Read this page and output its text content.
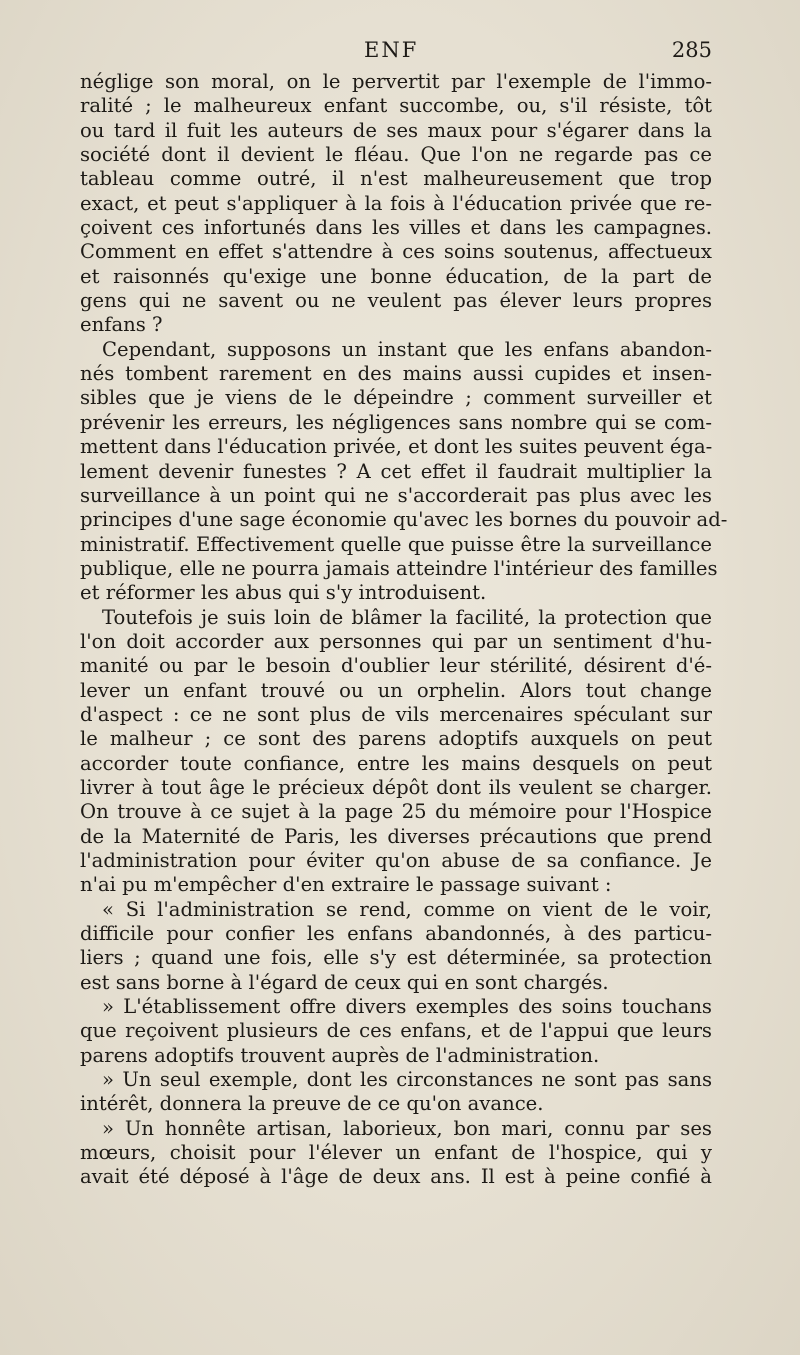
ENF	285

néglige son moral, on le pervertit par l'exemple de l'immo-
ralité ; le malheureux enfant succombe, ou, s'il résiste, tôt
ou tard il fuit les auteurs de ses maux pour s'égarer dans la
société dont il devient le fléau. Que l'on ne regarde pas ce
tableau comme outré, il n'est malheureusement que trop
exact, et peut s'appliquer à la fois à l'éducation privée que re-
çoivent ces infortunés dans les villes et dans les campagnes.
Comment en effet s'attendre à ces soins soutenus, affectueux
et raisonnés qu'exige une bonne éducation, de la part de
gens qui ne savent ou ne veulent pas élever leurs propres
enfans ?

Cependant, supposons un instant que les enfans abandon-
nés tombent rarement en des mains aussi cupides et insen-
sibles que je viens de le dépeindre ; comment surveiller et
prévenir les erreurs, les négligences sans nombre qui se com-
mettent dans l'éducation privée, et dont les suites peuvent éga-
lement devenir funestes ? A cet effet il faudrait multiplier la
surveillance à un point qui ne s'accorderait pas plus avec les
principes d'une sage économie qu'avec les bornes du pouvoir ad-
ministratif. Effectivement quelle que puisse être la surveillance
publique, elle ne pourra jamais atteindre l'intérieur des familles
et réformer les abus qui s'y introduisent.

Toutefois je suis loin de blâmer la facilité, la protection que
l'on doit accorder aux personnes qui par un sentiment d'hu-
manité ou par le besoin d'oublier leur stérilité, désirent d'é-
lever un enfant trouvé ou un orphelin. Alors tout change
d'aspect : ce ne sont plus de vils mercenaires spéculant sur
le malheur ; ce sont des parens adoptifs auxquels on peut
accorder toute confiance, entre les mains desquels on peut
livrer à tout âge le précieux dépôt dont ils veulent se charger.
On trouve à ce sujet à la page 25 du mémoire pour l'Hospice
de la Maternité de Paris, les diverses précautions que prend
l'administration pour éviter qu'on abuse de sa confiance. Je
n'ai pu m'empêcher d'en extraire le passage suivant :

« Si l'administration se rend, comme on vient de le voir,
difficile pour confier les enfans abandonnés, à des particu-
liers ; quand une fois, elle s'y est déterminée, sa protection
est sans borne à l'égard de ceux qui en sont chargés.

» L'établissement offre divers exemples des soins touchans
que reçoivent plusieurs de ces enfans, et de l'appui que leurs
parens adoptifs trouvent auprès de l'administration.

» Un seul exemple, dont les circonstances ne sont pas sans
intérêt, donnera la preuve de ce qu'on avance.

» Un honnête artisan, laborieux, bon mari, connu par ses
mœurs, choisit pour l'élever un enfant de l'hospice, qui y
avait été déposé à l'âge de deux ans. Il est à peine confié à
